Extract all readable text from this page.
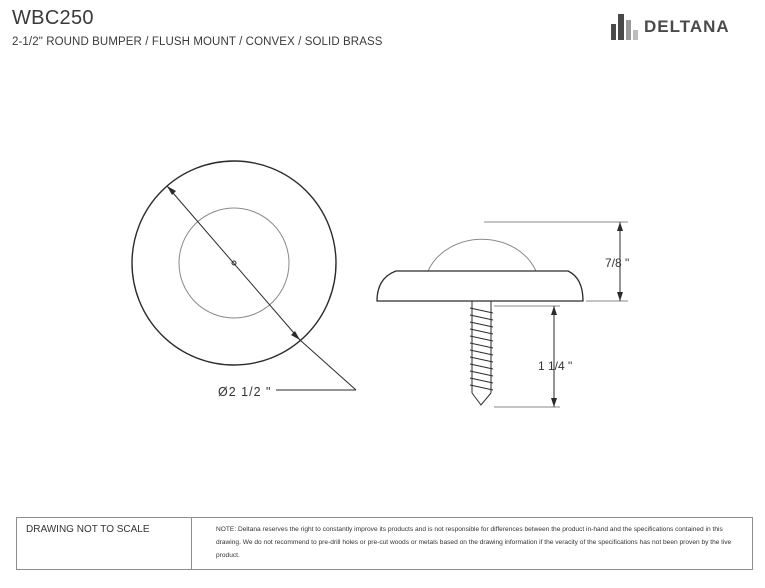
WBC250
2-1/2" ROUND BUMPER / FLUSH MOUNT / CONVEX / SOLID BRASS
DELTANA
Ø2 1/2 "
7/8 "
1 1/4 "
DRAWING NOT TO SCALE	NOTE: Deltana reserves the right to constantly improve its products and is not responsible for differences between the product in-hand and the specifications contained in this drawing. We do not recommend to pre-drill holes or pre-cut woods or metals based on the drawing information if the veracity of the specifications has not been proven by the live product.
